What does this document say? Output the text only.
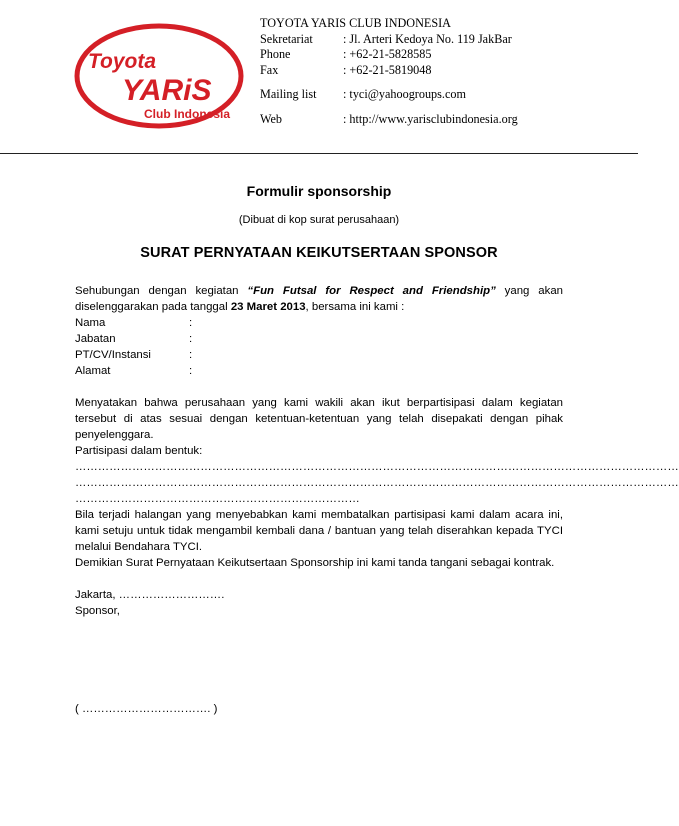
Toyota
YARiS
Club Indonesia
TOYOTA YARIS CLUB INDONESIA
Sekretariat	: Jl. Arteri Kedoya No. 119 JakBar
Phone	: +62-21-5828585
Fax	: +62-21-5819048
Mailing list	: tyci@yahoogroups.com
Web	: http://www.yarisclubindonesia.org
Formulir sponsorship
(Dibuat di kop surat perusahaan)
SURAT PERNYATAAN KEIKUTSERTAAN SPONSOR
Sehubungan dengan kegiatan “Fun Futsal for Respect and Friendship” yang akan
diselenggarakan pada tanggal 23 Maret 2013, bersama ini kami :
Nama	:
Jabatan	:
PT/CV/Instansi	:
Alamat	:
Menyatakan bahwa perusahaan yang kami wakili akan ikut berpartisipasi dalam kegiatan
tersebut di atas sesuai dengan ketentuan-ketentuan yang telah disepakati dengan pihak
penyelenggara.
Partisipasi dalam bentuk:
……………………………………………………………………………………………………………………………………………
……………………………………………………………………………………………………………………………………………
…………………………………………………………………
Bila terjadi halangan yang menyebabkan kami membatalkan partisipasi kami dalam acara ini,
kami setuju untuk tidak mengambil kembali dana / bantuan yang telah diserahkan kepada TYCI
melalui Bendahara TYCI.
Demikian Surat Pernyataan Keikutsertaan Sponsorship ini kami tanda tangani sebagai kontrak.
Jakarta, ……………………….
Sponsor,
( ……………………………. )
